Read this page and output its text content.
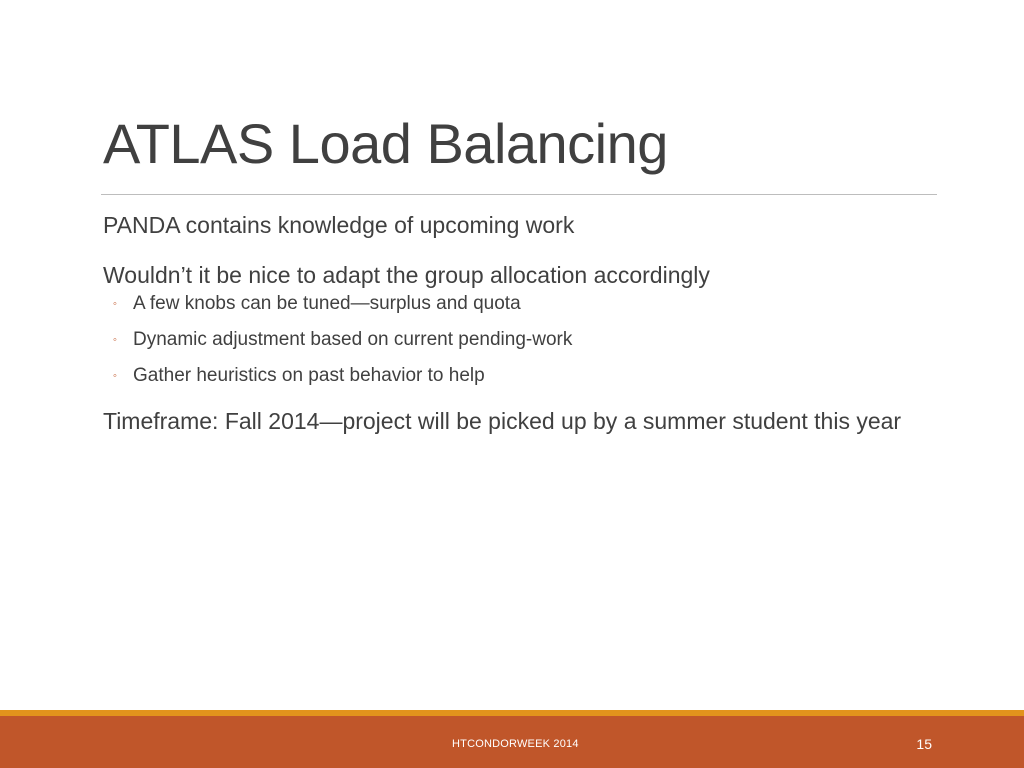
ATLAS Load Balancing

PANDA contains knowledge of upcoming work

Wouldn’t it be nice to adapt the group allocation accordingly

◦ A few knobs can be tuned—surplus and quota
◦ Dynamic adjustment based on current pending-work
◦ Gather heuristics on past behavior to help

Timeframe: Fall 2014—project will be picked up by a summer student this year

HTCONDORWEEK 2014	15
